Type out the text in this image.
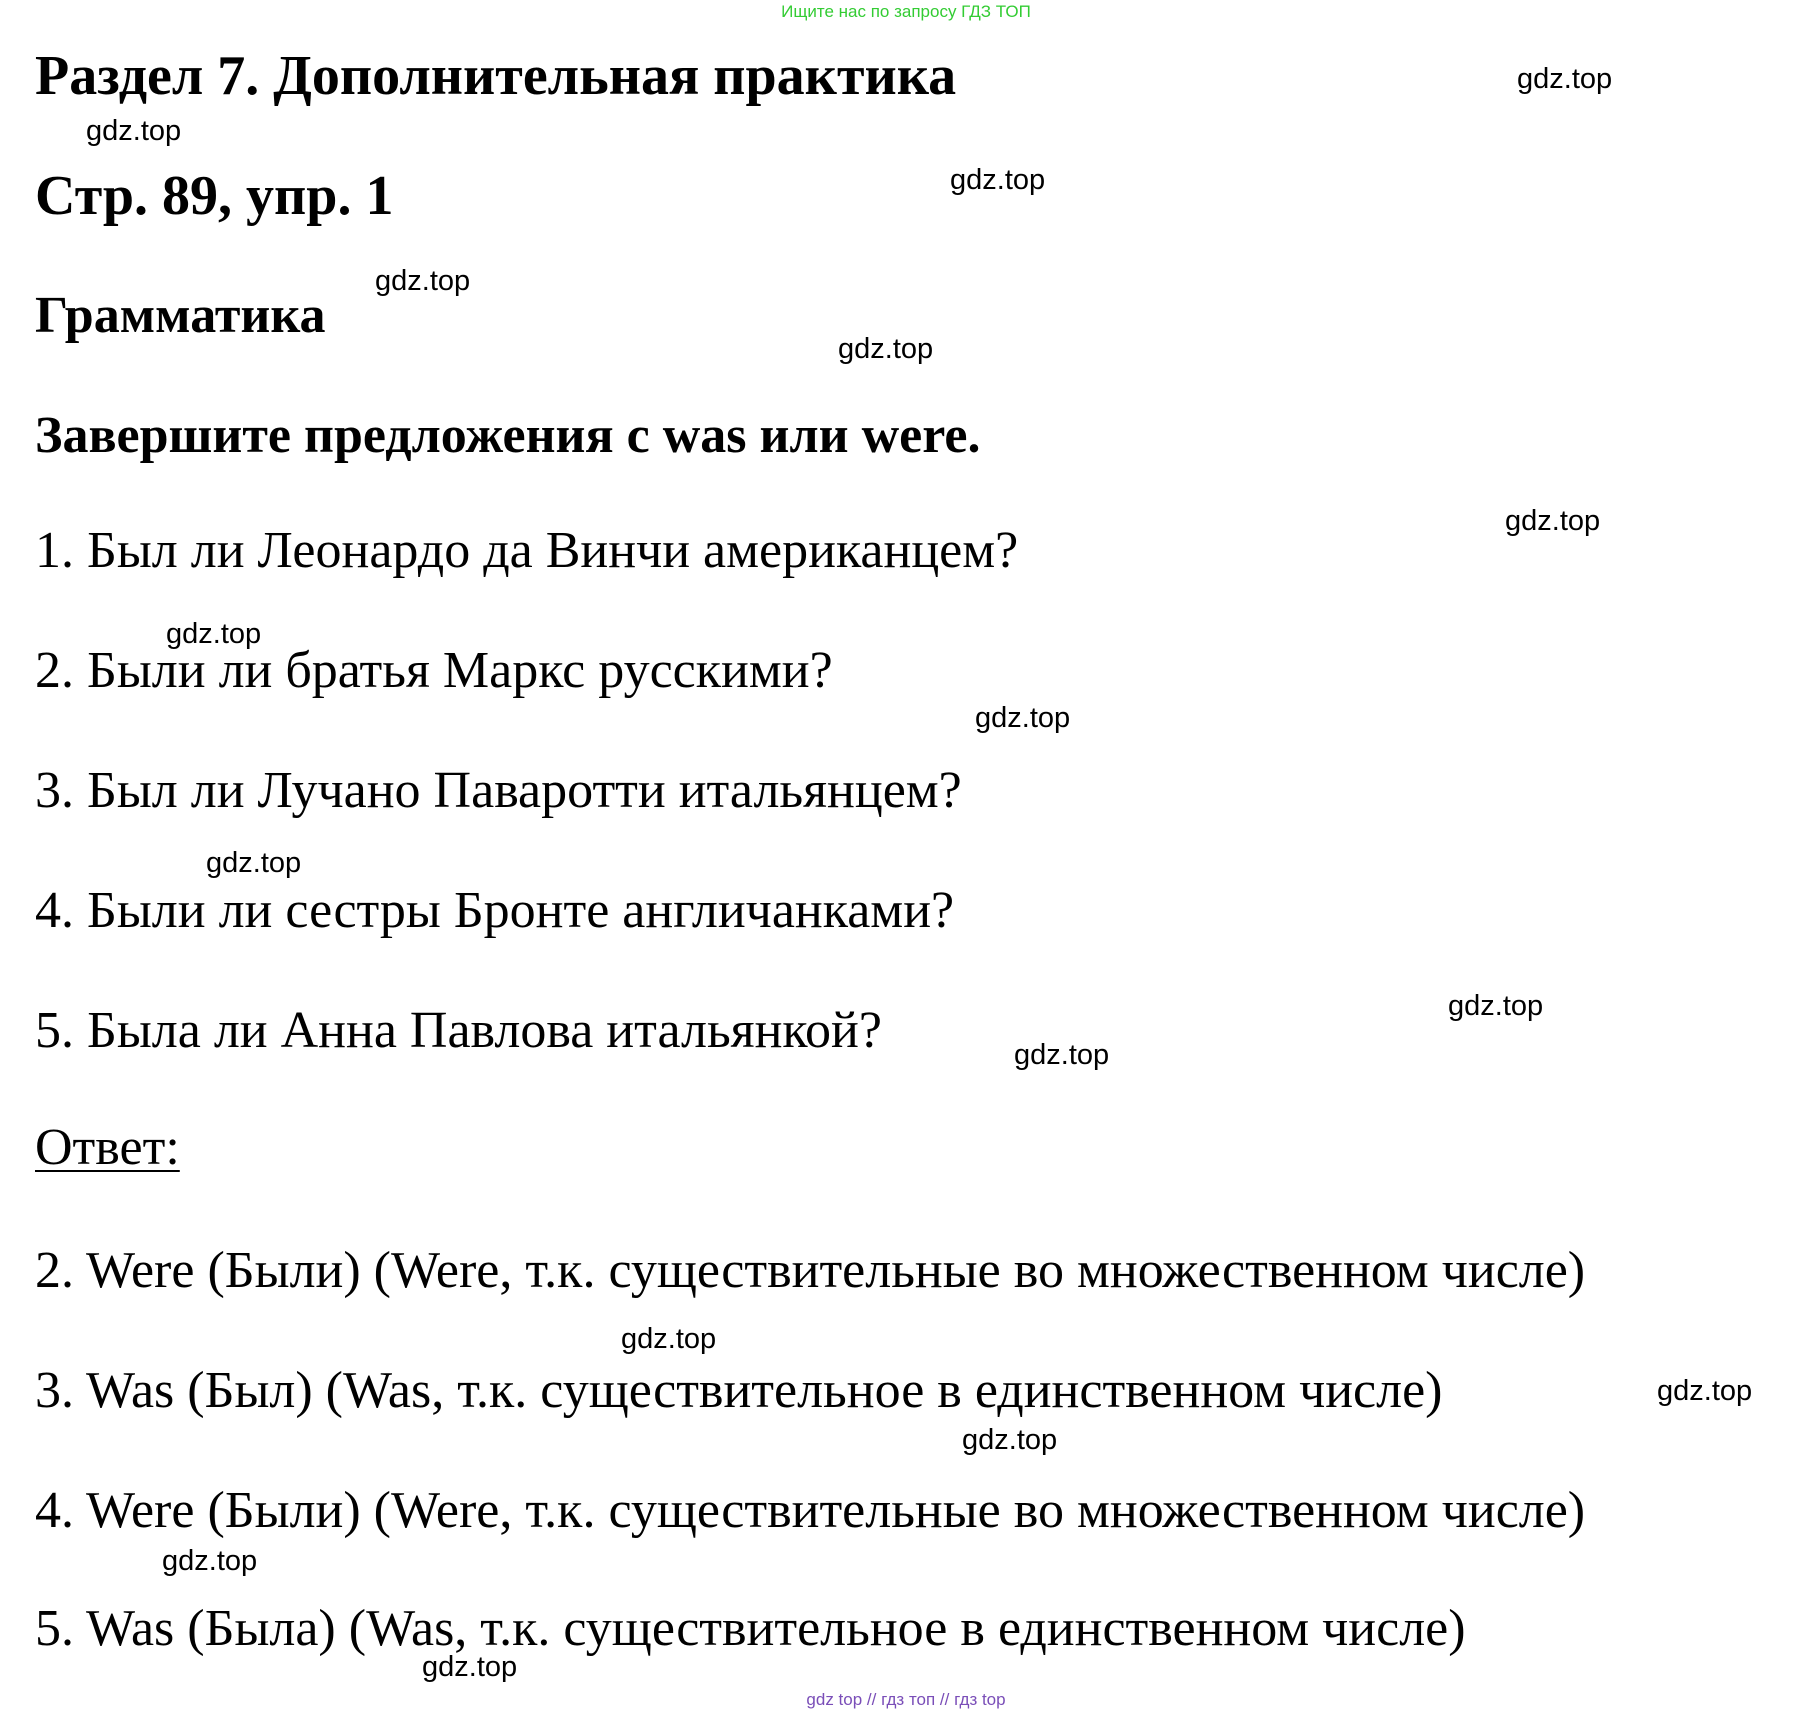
Ищите нас по запросу ГДЗ ТОП
Раздел 7. Дополнительная практика
Стр. 89, упр. 1
Грамматика
Завершите предложения с was или were.
1. Был ли Леонардо да Винчи американцем?
2. Были ли братья Маркс русскими?
3. Был ли Лучано Паваротти итальянцем?
4. Были ли сестры Бронте англичанками?
5. Была ли Анна Павлова итальянкой?
Ответ:
2. Were (Были) (Were, т.к. существительные во множественном числе)
3. Was (Был) (Was, т.к. существительное в единственном числе)
4. Were (Были) (Were, т.к. существительные во множественном числе)
5. Was (Была) (Was, т.к. существительное в единственном числе)
gdz.top
gdz.top
gdz.top
gdz.top
gdz.top
gdz.top
gdz.top
gdz.top
gdz.top
gdz.top
gdz.top
gdz.top
gdz.top
gdz.top
gdz.top
gdz.top
gdz top // гдз топ // гдз top
